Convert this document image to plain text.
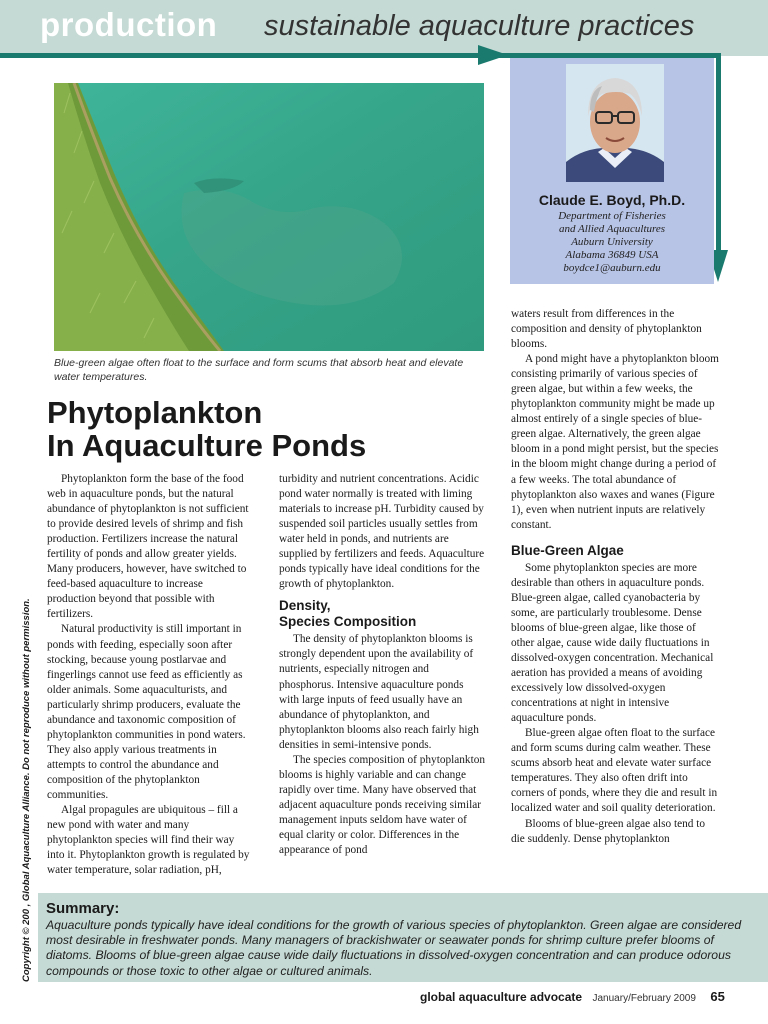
production sustainable aquaculture practices
Claude E. Boyd, Ph.D.
Department of Fisheries
and Allied Aquacultures
Auburn University
Alabama 36849 USA
boydce1@auburn.edu
Blue-green algae often float to the surface and form scums that absorb heat and elevate water temperatures.
Phytoplankton
In Aquaculture Ponds

Phytoplankton form the base of the food web in aquaculture ponds, but the natural abundance of phytoplankton is not sufficient to provide desired levels of shrimp and fish production. Fertilizers increase the natural fertility of ponds and allow greater yields. Many producers, however, have switched to feed-based aquaculture to increase production beyond that possible with fertilizers.

Natural productivity is still important in ponds with feeding, especially soon after stocking, because young postlarvae and fingerlings cannot use feed as efficiently as older animals. Some aquaculturists, and particularly shrimp producers, evaluate the abundance and taxonomic composition of phytoplankton communities in pond waters. They also apply various treatments in attempts to control the abundance and composition of the phytoplankton communities.

Algal propagules are ubiquitous – fill a new pond with water and many phytoplankton species will find their way into it. Phytoplankton growth is regulated by water temperature, solar radiation, pH,

turbidity and nutrient concentrations. Acidic pond water normally is treated with liming materials to increase pH. Turbidity caused by suspended soil particles usually settles from water held in ponds, and nutrients are supplied by fertilizers and feeds. Aquaculture ponds typically have ideal conditions for the growth of phytoplankton.

Density,
Species Composition

The density of phytoplankton blooms is strongly dependent upon the availability of nutrients, especially nitrogen and phosphorus. Intensive aquaculture ponds with large inputs of feed usually have an abundance of phytoplankton, and phytoplankton blooms also reach fairly high densities in semi-intensive ponds.

The species composition of phytoplankton blooms is highly variable and can change rapidly over time. Many have observed that adjacent aquaculture ponds receiving similar management inputs seldom have water of equal clarity or color. Differences in the appearance of pond

waters result from differences in the composition and density of phytoplankton blooms.

A pond might have a phytoplankton bloom consisting primarily of various species of green algae, but within a few weeks, the phytoplankton community might be made up almost entirely of a single species of blue-green algae. Alternatively, the green algae bloom in a pond might persist, but the species in the bloom might change during a period of a few weeks. The total abundance of phytoplankton also waxes and wanes (Figure 1), even when nutrient inputs are relatively constant.

Blue-Green Algae

Some phytoplankton species are more desirable than others in aquaculture ponds. Blue-green algae, called cyanobacteria by some, are particularly troublesome. Dense blooms of blue-green algae, like those of other algae, cause wide daily fluctuations in dissolved-oxygen concentration. Mechanical aeration has provided a means of avoiding excessively low dissolved-oxygen concentrations at night in intensive aquaculture ponds.

Blue-green algae often float to the surface and form scums during calm weather. These scums absorb heat and elevate water surface temperatures. They also often drift into corners of ponds, where they die and result in localized water and soil quality deterioration.

Blooms of blue-green algae also tend to die suddenly. Dense phytoplankton

Copyright © 200 , Global Aquaculture Alliance. Do not reproduce without permission. Summary:
Aquaculture ponds typically have ideal conditions for the growth of various species of phytoplankton. Green algae are considered most desirable in freshwater ponds. Many managers of brackishwater or seawater ponds for shrimp culture prefer blooms of diatoms. Blooms of blue-green algae cause wide daily fluctuations in dissolved-oxygen concentration and can produce odorous compounds or those toxic to other algae or cultured animals.
global aquaculture advocate January/February 2009 65
